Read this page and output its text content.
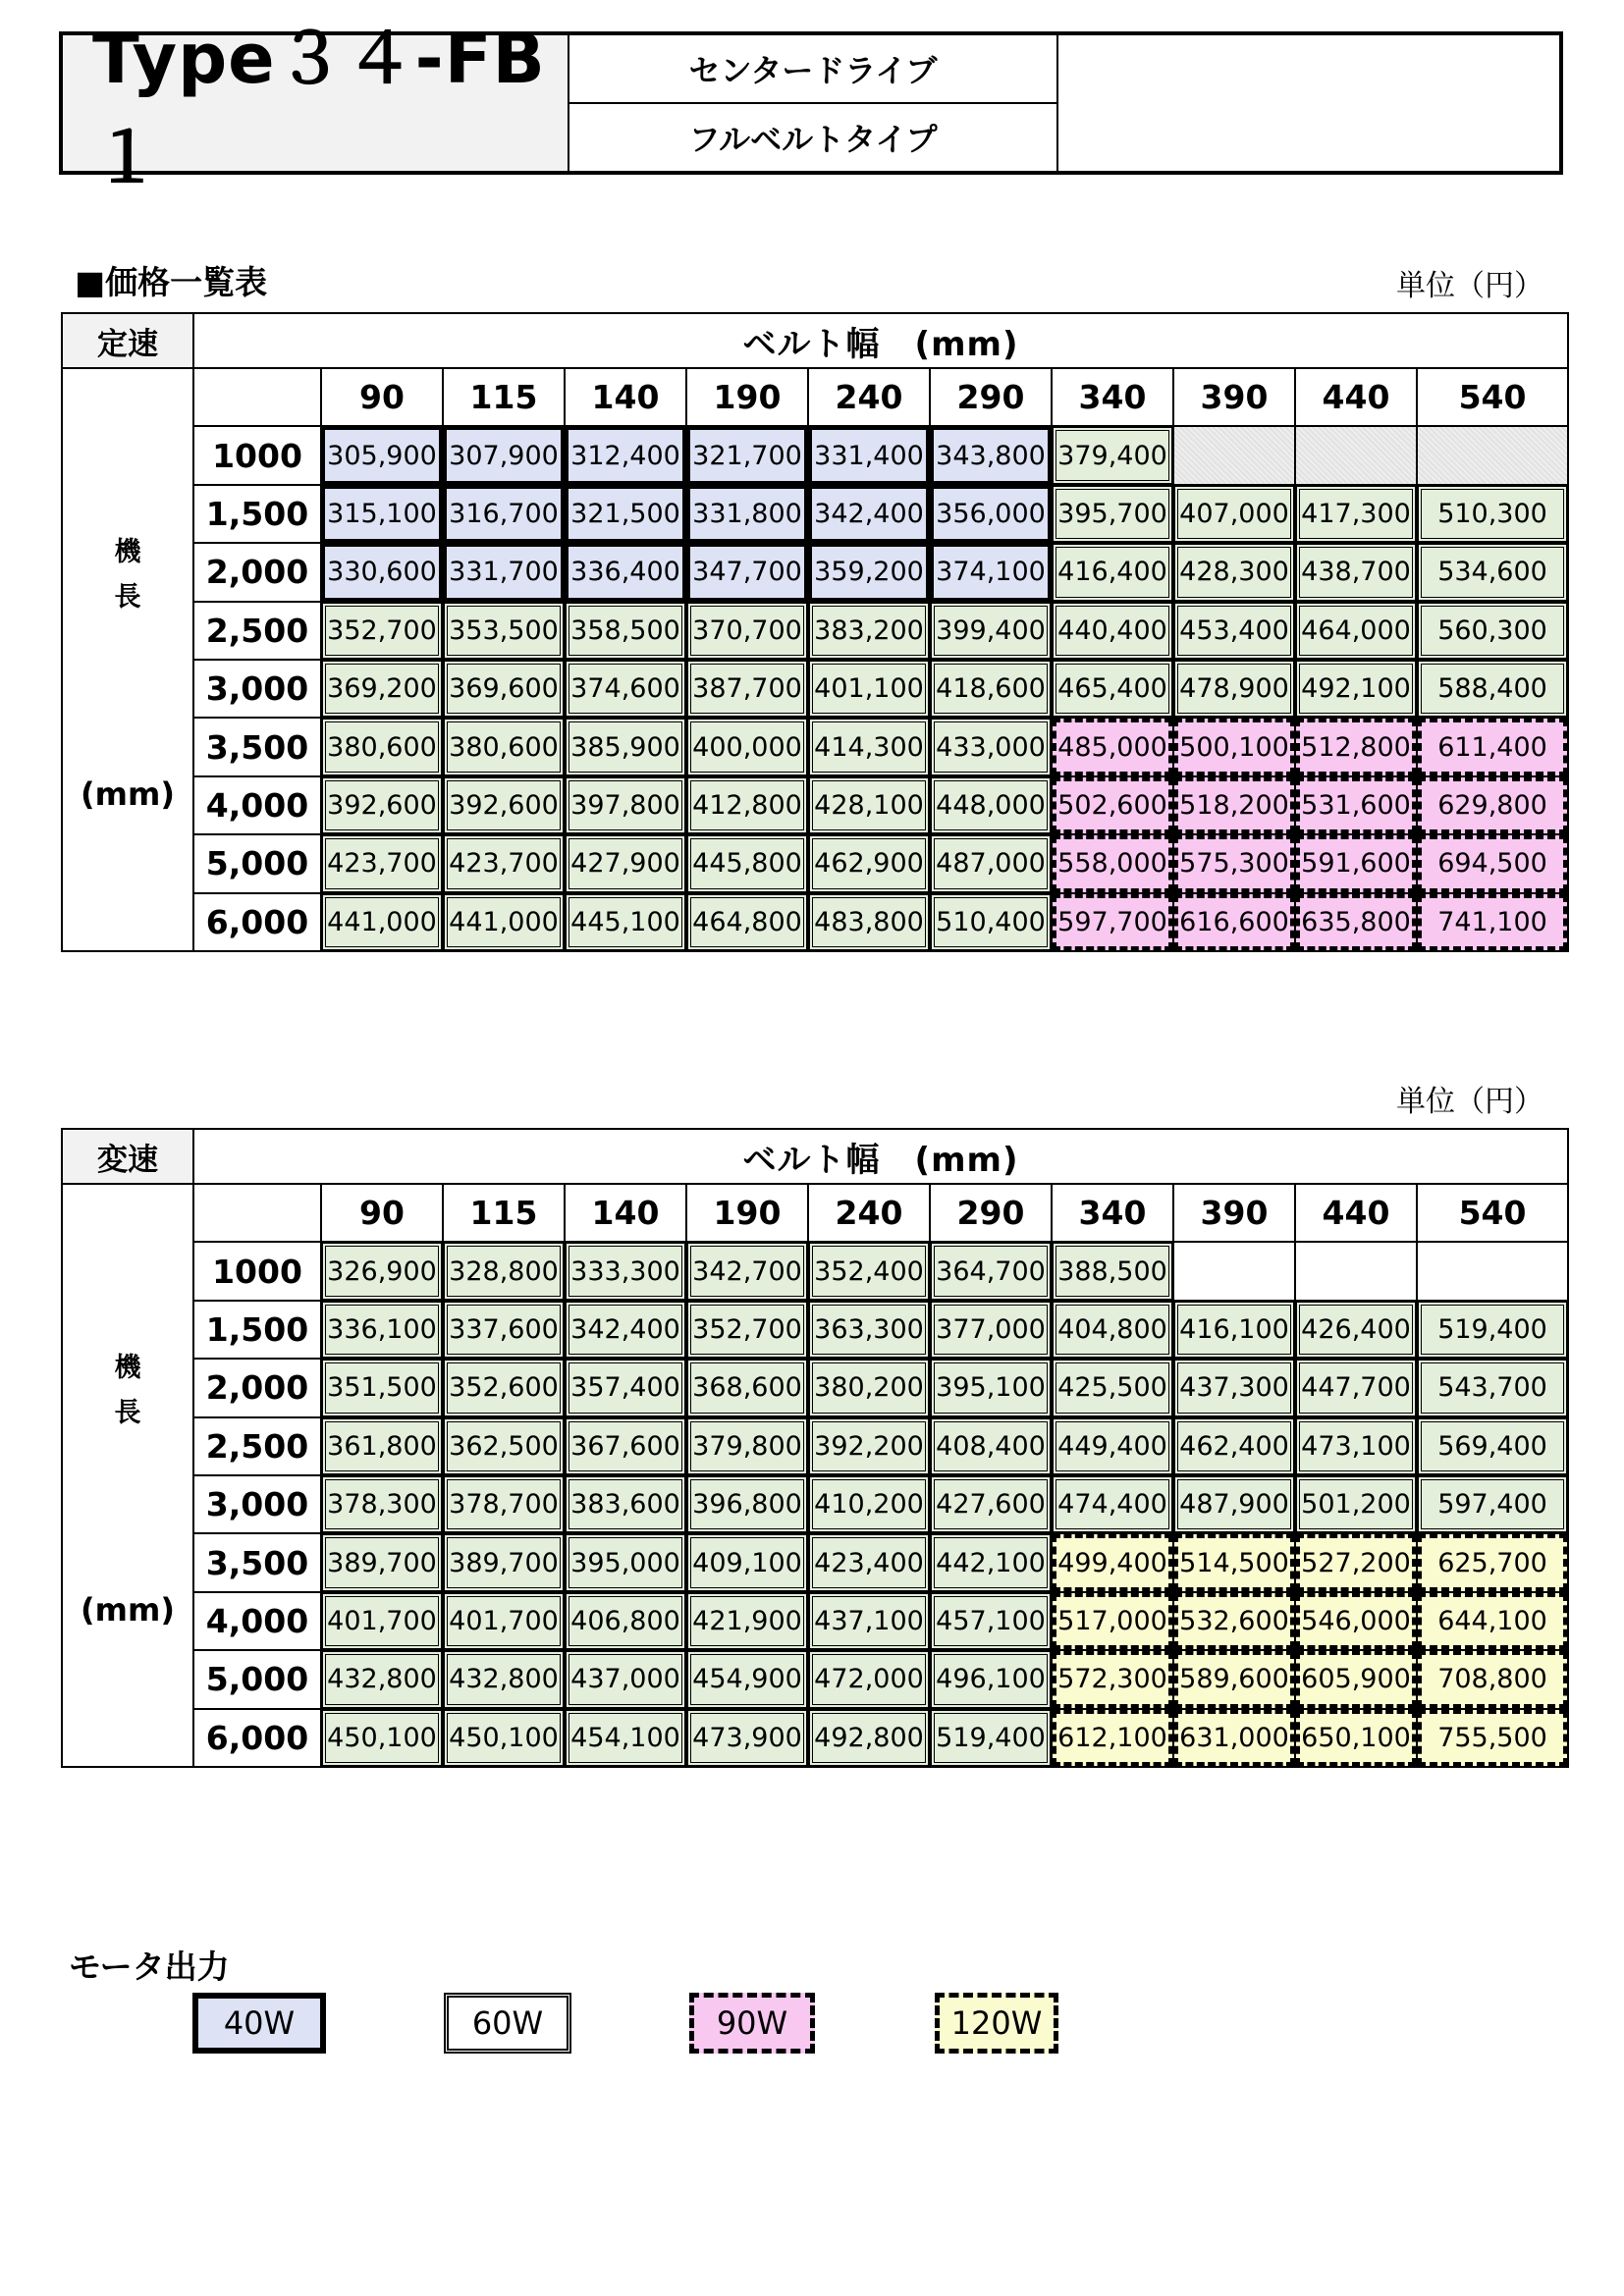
Type３４-FB１
センタードライブ
フルベルトタイプ
■価格一覧表	単位（円）
定速	ベルト幅　(mm)										

機
長
(mm)		90	115	140	190	240	290	340	390	440	540
	1000	305,900	307,900	312,400	321,700	331,400	343,800	379,400			

	1,500	315,100	316,700	321,500	331,800	342,400	356,000	395,700	407,000	417,300	510,300

	2,000	330,600	331,700	336,400	347,700	359,200	374,100	416,400	428,300	438,700	534,600

	2,500	352,700	353,500	358,500	370,700	383,200	399,400	440,400	453,400	464,000	560,300

	3,000	369,200	369,600	374,600	387,700	401,100	418,600	465,400	478,900	492,100	588,400

	3,500	380,600	380,600	385,900	400,000	414,300	433,000	485,000	500,100	512,800	611,400

	4,000	392,600	392,600	397,800	412,800	428,100	448,000	502,600	518,200	531,600	629,800

	5,000	423,700	423,700	427,900	445,800	462,900	487,000	558,000	575,300	591,600	694,500

	6,000	441,000	441,000	445,100	464,800	483,800	510,400	597,700	616,600	635,800	741,100
単位（円）
変速	ベルト幅　(mm)										

機
長
(mm)		90	115	140	190	240	290	340	390	440	540
	1000	326,900	328,800	333,300	342,700	352,400	364,700	388,500			

	1,500	336,100	337,600	342,400	352,700	363,300	377,000	404,800	416,100	426,400	519,400

	2,000	351,500	352,600	357,400	368,600	380,200	395,100	425,500	437,300	447,700	543,700

	2,500	361,800	362,500	367,600	379,800	392,200	408,400	449,400	462,400	473,100	569,400

	3,000	378,300	378,700	383,600	396,800	410,200	427,600	474,400	487,900	501,200	597,400

	3,500	389,700	389,700	395,000	409,100	423,400	442,100	499,400	514,500	527,200	625,700

	4,000	401,700	401,700	406,800	421,900	437,100	457,100	517,000	532,600	546,000	644,100

	5,000	432,800	432,800	437,000	454,900	472,000	496,100	572,300	589,600	605,900	708,800

	6,000	450,100	450,100	454,100	473,900	492,800	519,400	612,100	631,000	650,100	755,500
モータ出力
40W	60W	90W	120W
